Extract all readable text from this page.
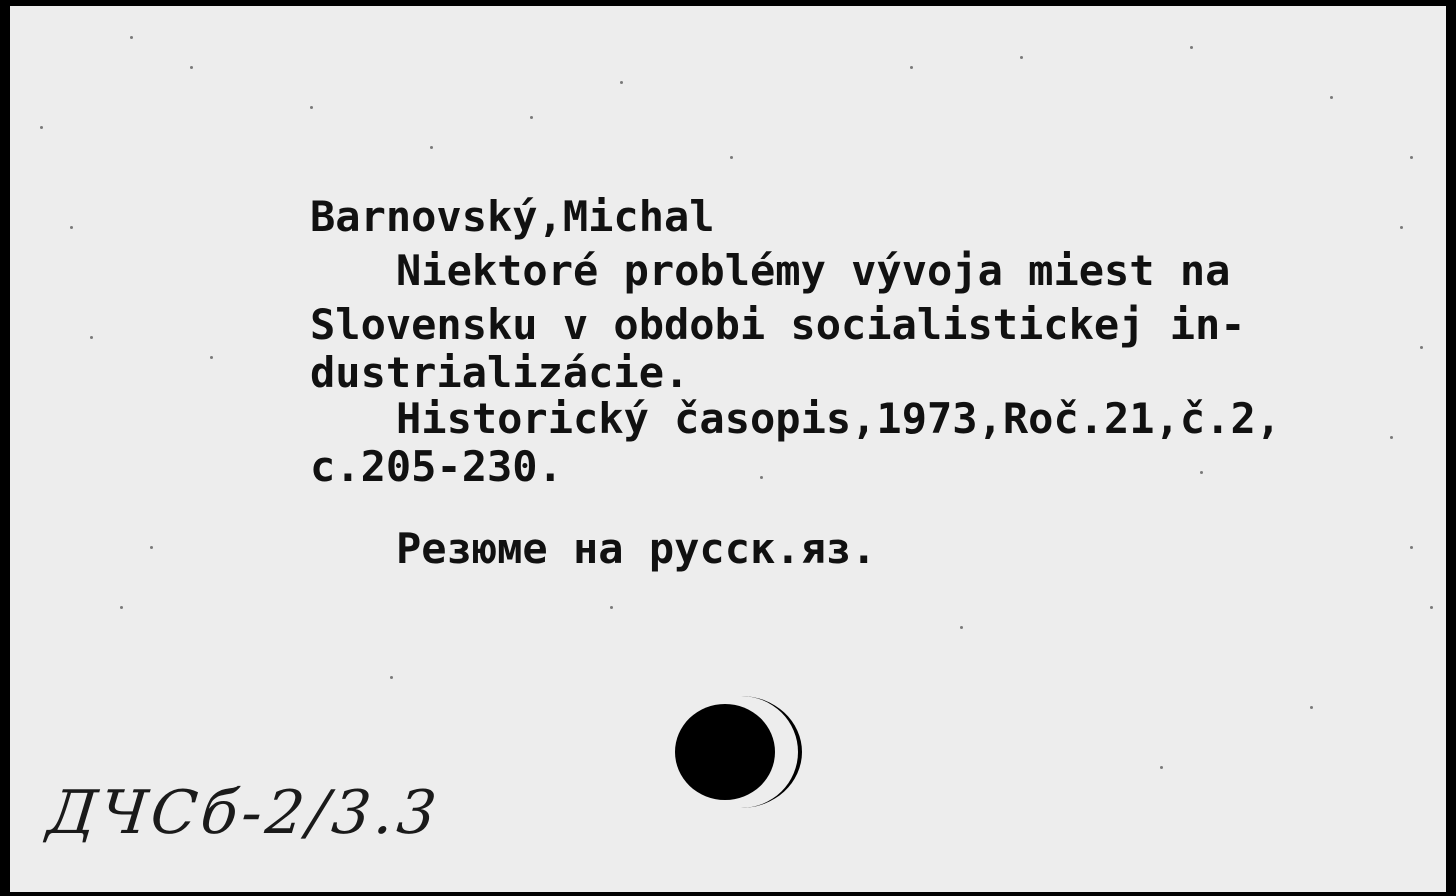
Barnovský,Michal
Niektoré problémy vývoja miest na
Slovensku v obdobi socialistickej in-
dustrializácie.
Historický časopis,1973,Roč.21,č.2,
c.205-230.
Резюме на русск.яз.
ДЧСб-2/3.3
